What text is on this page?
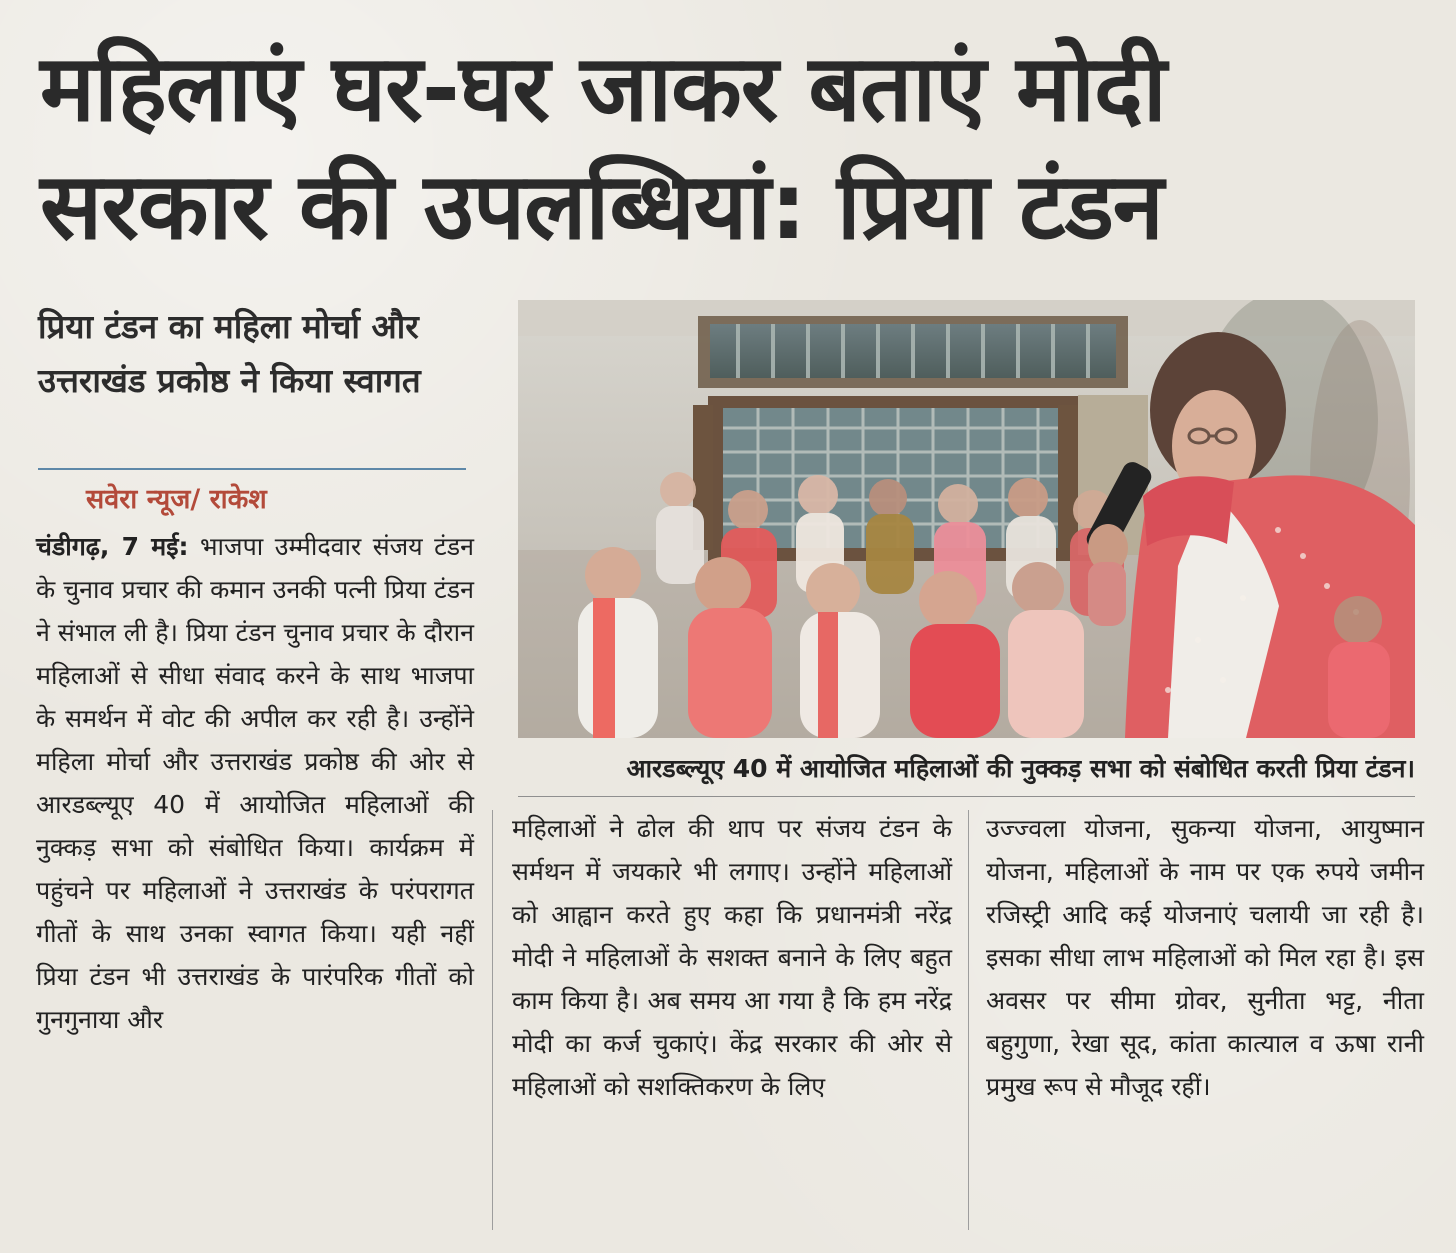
महिलाएं घर-घर जाकर बताएं मोदी सरकार की उपलब्धियां: प्रिया टंडन
प्रिया टंडन का महिला मोर्चा और उत्तराखंड प्रकोष्ठ ने किया स्वागत
सवेरा न्यूज/ राकेश
चंडीगढ़, 7 मई: भाजपा उम्मीदवार संजय टंडन के चुनाव प्रचार की कमान उनकी पत्नी प्रिया टंडन ने संभाल ली है। प्रिया टंडन चुनाव प्रचार के दौरान महिलाओं से सीधा संवाद करने के साथ भाजपा के समर्थन में वोट की अपील कर रही है। उन्होंने महिला मोर्चा और उत्तराखंड प्रकोष्ठ की ओर से आरडब्ल्यूए 40 में आयोजित महिलाओं की नुक्कड़ सभा को संबोधित किया। कार्यक्रम में पहुंचने पर महिलाओं ने उत्तराखंड के परंपरागत गीतों के साथ उनका स्वागत किया। यही नहीं प्रिया टंडन भी उत्तराखंड के पारंपरिक गीतों को गुनगुनाया और
आरडब्ल्यूए 40 में आयोजित महिलाओं की नुक्कड़ सभा को संबोधित करती प्रिया टंडन।
महिलाओं ने ढोल की थाप पर संजय टंडन के सर्मथन में जयकारे भी लगाए। उन्होंने महिलाओं को आह्वान करते हुए कहा कि प्रधानमंत्री नरेंद्र मोदी ने महिलाओं के सशक्त बनाने के लिए बहुत काम किया है। अब समय आ गया है कि हम नरेंद्र मोदी का कर्ज चुकाएं। केंद्र सरकार की ओर से महिलाओं को सशक्तिकरण के लिए
उज्ज्वला योजना, सुकन्या योजना, आयुष्मान योजना, महिलाओं के नाम पर एक रुपये जमीन रजिस्ट्री आदि कई योजनाएं चलायी जा रही है। इसका सीधा लाभ महिलाओं को मिल रहा है। इस अवसर पर सीमा ग्रोवर, सुनीता भट्ट, नीता बहुगुणा, रेखा सूद, कांता कात्याल व ऊषा रानी प्रमुख रूप से मौजूद रहीं।
